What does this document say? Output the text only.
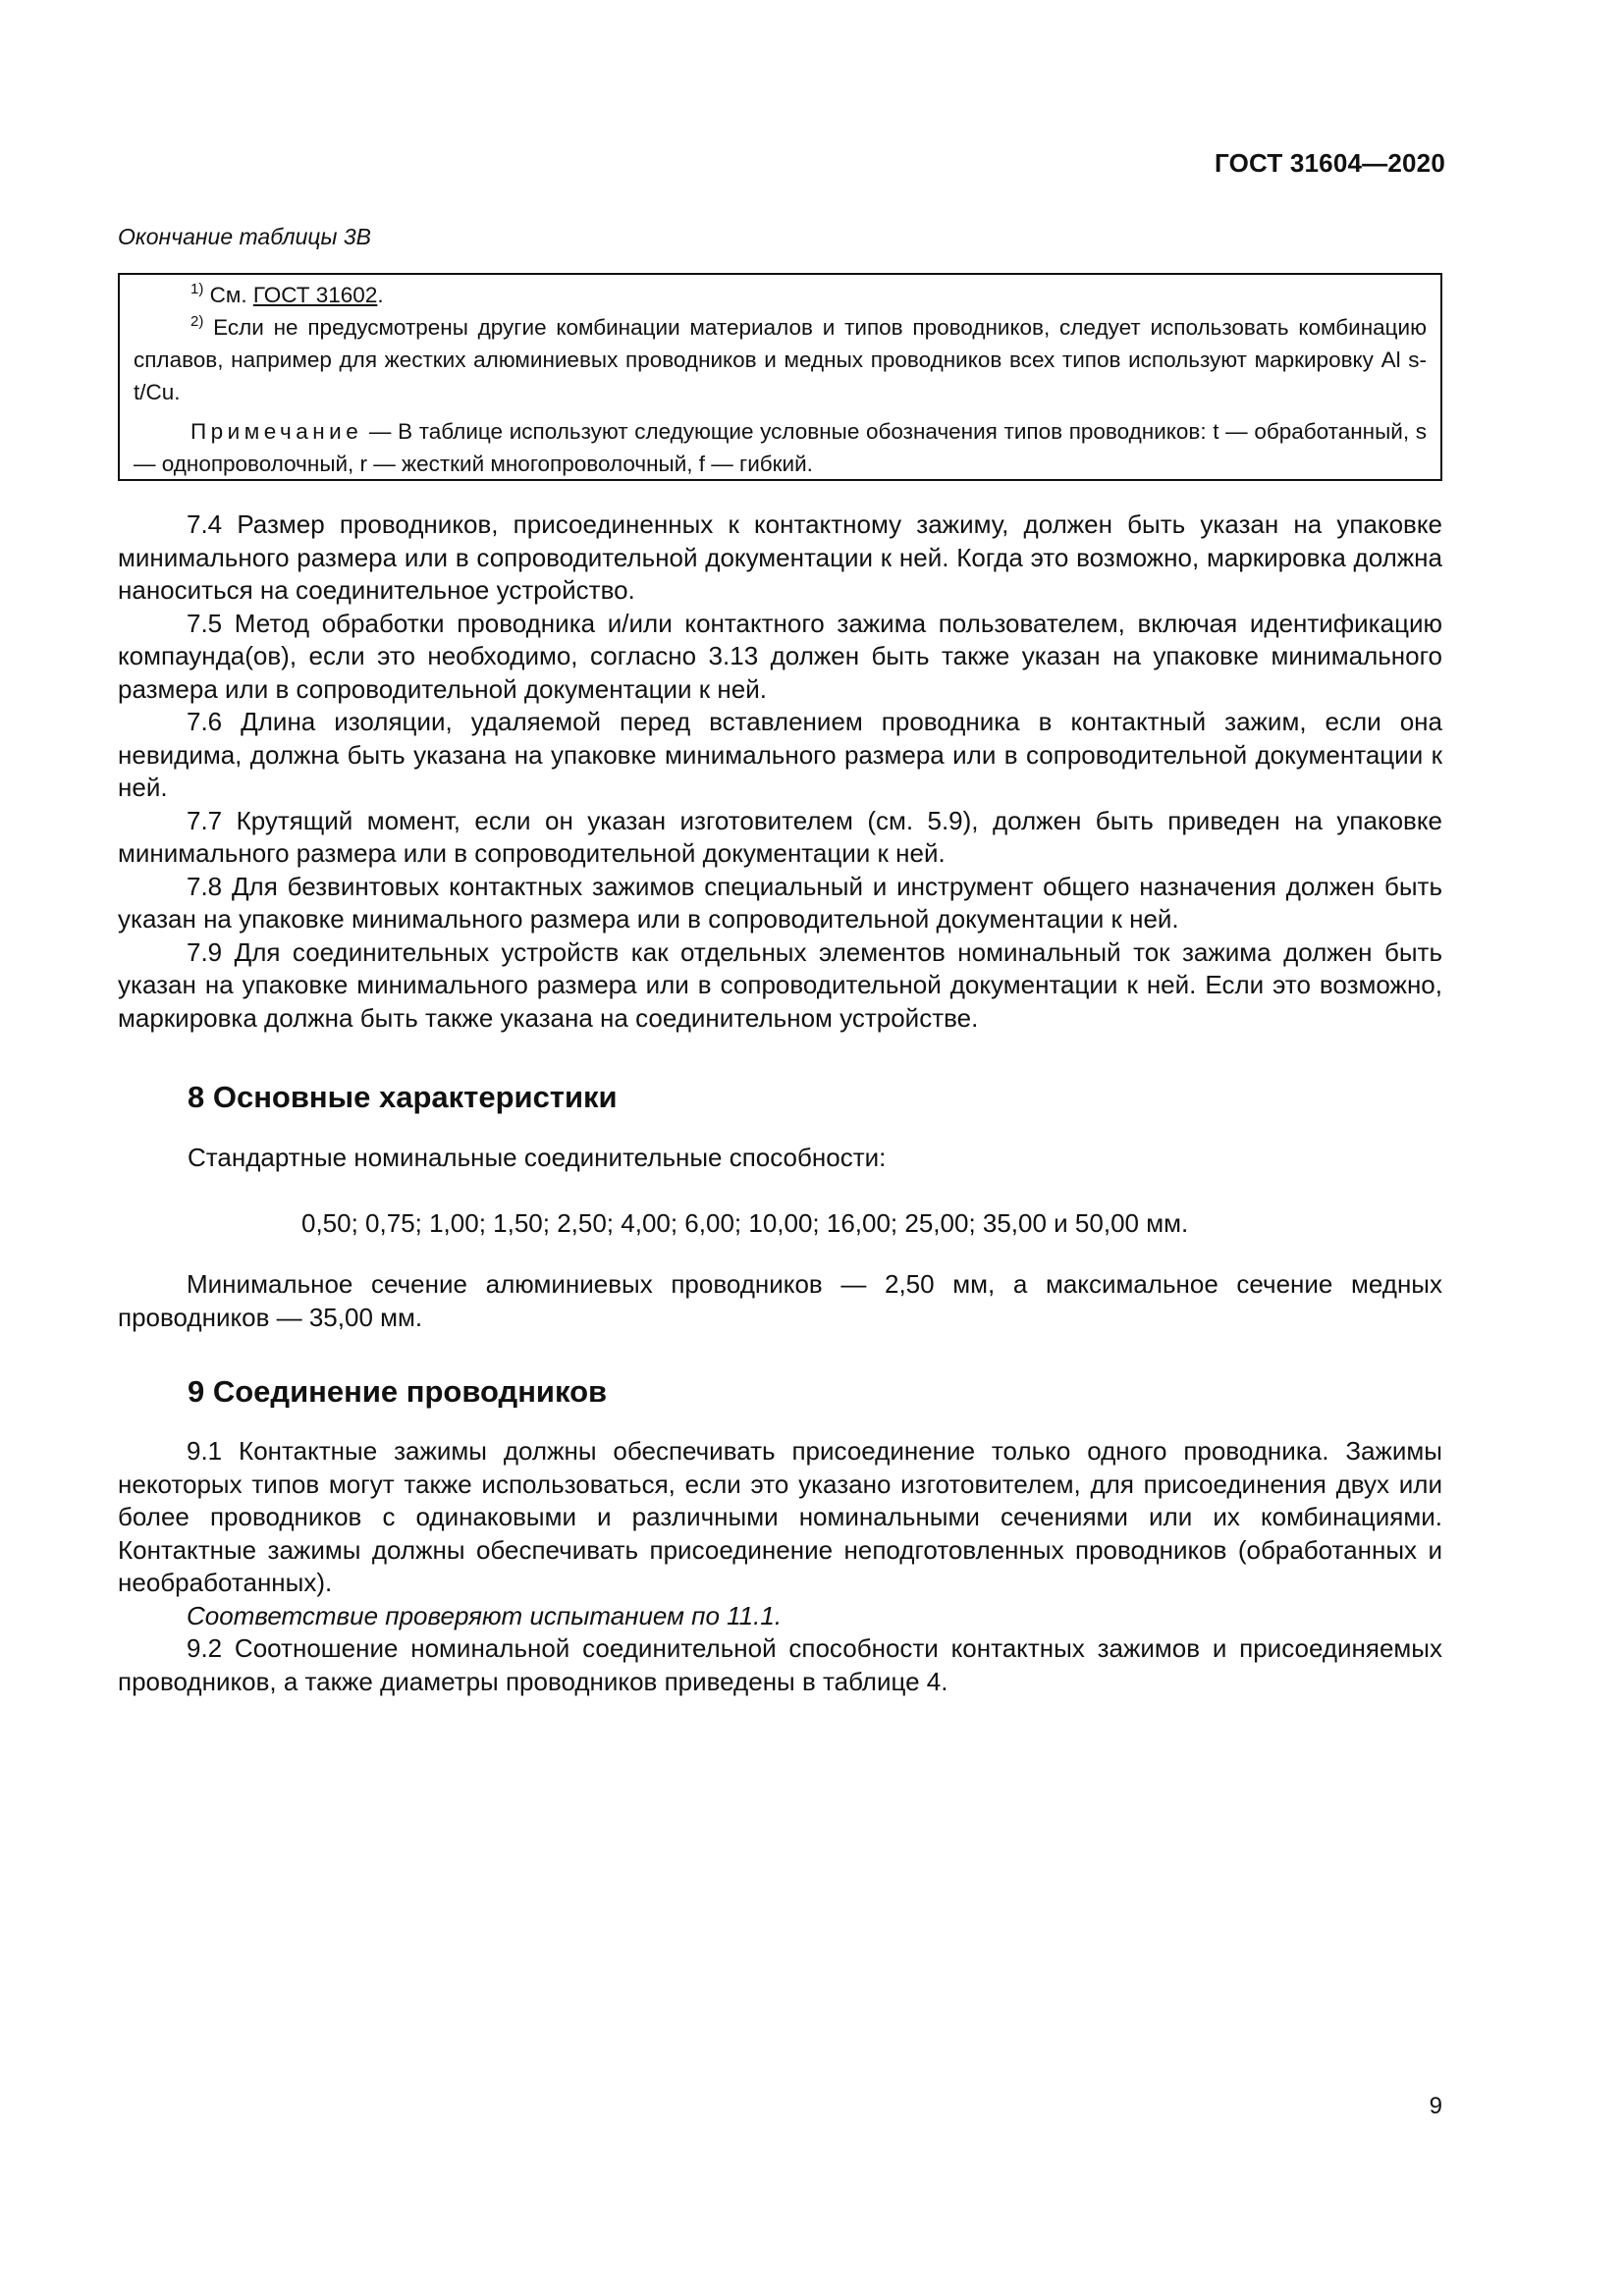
ГОСТ 31604—2020
Окончание таблицы 3В

$^{1)}$ См. ГОСТ 31602.

$^{2)}$ Если не предусмотрены другие комбинации материалов и типов проводников, следует использовать комбинацию сплавов, например для жестких алюминиевых проводников и медных проводников всех типов используют маркировку Al s-t/Cu.

Примечание — В таблице используют следующие условные обозначения типов проводников: t — обработанный, s — однопроволочный, r — жесткий многопроволочный, f — гибкий.

7.4 Размер проводников, присоединенных к контактному зажиму, должен быть указан на упаковке минимального размера или в сопроводительной документации к ней. Когда это возможно, маркировка должна наноситься на соединительное устройство.

7.5 Метод обработки проводника и/или контактного зажима пользователем, включая идентификацию компаунда(ов), если это необходимо, согласно 3.13 должен быть также указан на упаковке минимального размера или в сопроводительной документации к ней.

7.6 Длина изоляции, удаляемой перед вставлением проводника в контактный зажим, если она невидима, должна быть указана на упаковке минимального размера или в сопроводительной документации к ней.

7.7 Крутящий момент, если он указан изготовителем (см. 5.9), должен быть приведен на упаковке минимального размера или в сопроводительной документации к ней.

7.8 Для безвинтовых контактных зажимов специальный и инструмент общего назначения должен быть указан на упаковке минимального размера или в сопроводительной документации к ней.

7.9 Для соединительных устройств как отдельных элементов номинальный ток зажима должен быть указан на упаковке минимального размера или в сопроводительной документации к ней. Если это возможно, маркировка должна быть также указана на соединительном устройстве.

8 Основные характеристики
Стандартные номинальные соединительные способности:
0,50; 0,75; 1,00; 1,50; 2,50; 4,00; 6,00; 10,00; 16,00; 25,00; 35,00 и 50,00 мм.

Минимальное сечение алюминиевых проводников — 2,50 мм, а максимальное сечение медных проводников — 35,00 мм.

9 Соединение проводников

9.1 Контактные зажимы должны обеспечивать присоединение только одного проводника. Зажимы некоторых типов могут также использоваться, если это указано изготовителем, для присоединения двух или более проводников с одинаковыми и различными номинальными сечениями или их комбинациями. Контактные зажимы должны обеспечивать присоединение неподготовленных проводников (обработанных и необработанных).

Соответствие проверяют испытанием по 11.1.

9.2 Соотношение номинальной соединительной способности контактных зажимов и присоединяемых проводников, а также диаметры проводников приведены в таблице 4.

9
